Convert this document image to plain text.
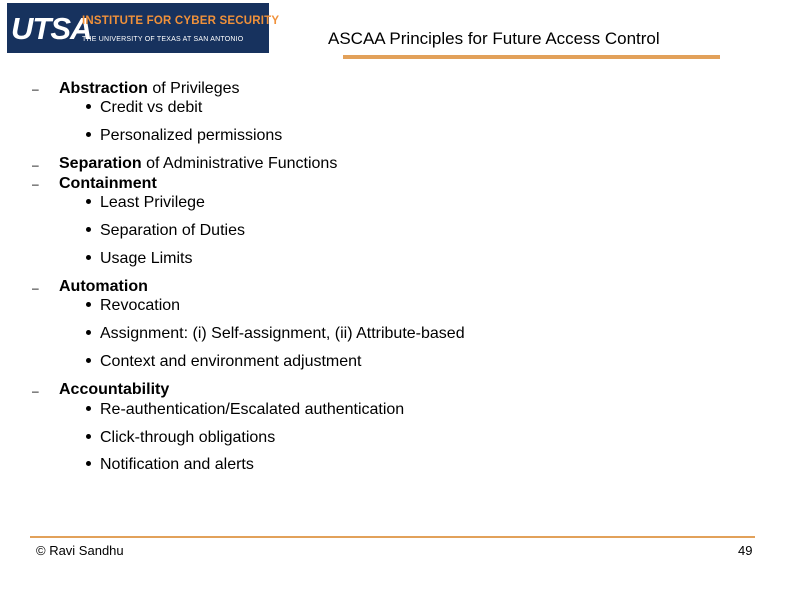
UTSA
INSTITUTE FOR CYBER SECURITY
THE UNIVERSITY OF TEXAS AT SAN ANTONIO	ASCAA Principles for Future Access Control
– Abstraction of Privileges
Credit vs debit
Personalized permissions
– Separation of Administrative Functions
– Containment
Least Privilege
Separation of Duties
Usage Limits
– Automation
Revocation
Assignment: (i) Self-assignment, (ii) Attribute-based
Context and environment adjustment
– Accountability
Re-authentication/Escalated authentication
Click-through obligations
Notification and alerts
© Ravi Sandhu	49
